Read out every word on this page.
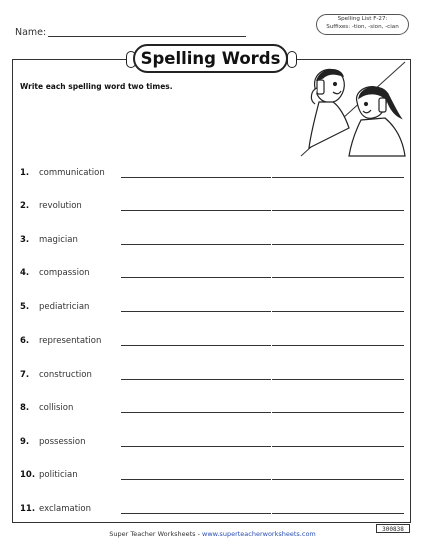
Name:
Spelling List F-27:
Suffixes: -tion, -sion, -cian
Spelling Words
Write each spelling word two times.
1. communication
2. revolution
3. magician
4. compassion
5. pediatrician
6. representation
7. construction
8. collision
9. possession
10. politician
11. exclamation
Super Teacher Worksheets - www.superteacherworksheets.com
300838
